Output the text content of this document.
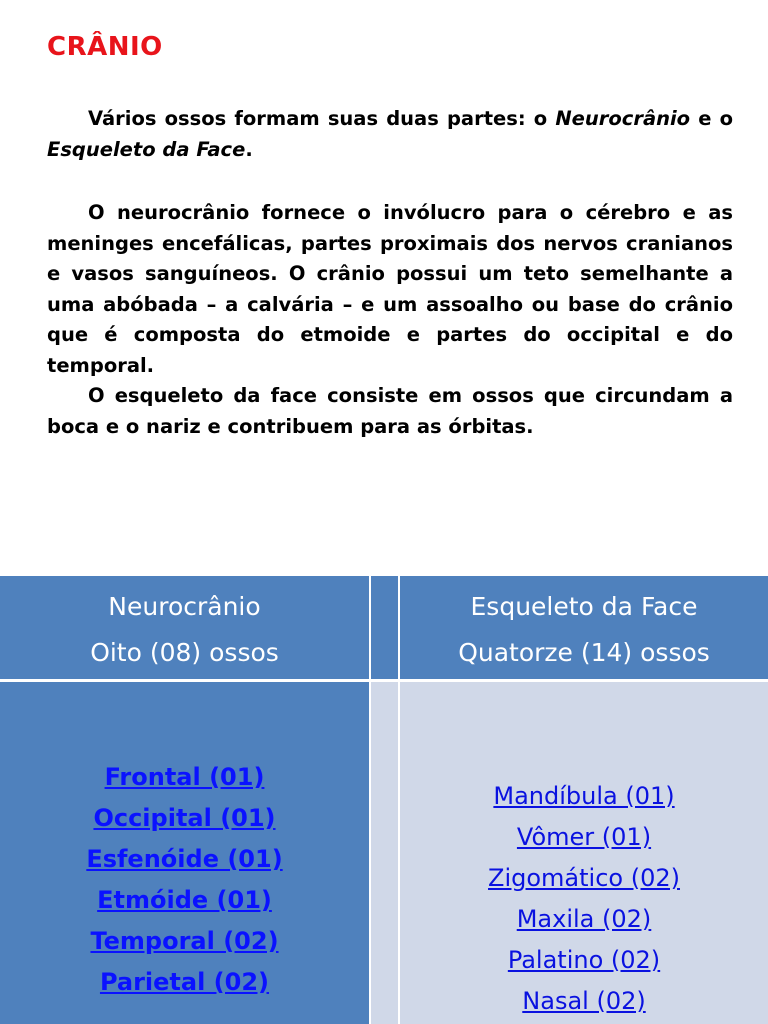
CRÂNIO
Vários ossos formam suas duas partes: o Neurocrânio e o Esqueleto da Face.
O neurocrânio fornece o invólucro para o cérebro e as meninges encefálicas, partes proximais dos nervos cranianos e vasos sanguíneos. O crânio possui um teto semelhante a uma abóbada – a calvária – e um assoalho ou base do crânio que é composta do etmoide e partes do occipital e do temporal.
O esqueleto da face consiste em ossos que circundam a boca e o nariz e contribuem para as órbitas.
Neurocrânio
Oito (08) ossos
Esqueleto da Face
Quatorze (14) ossos
Frontal (01)
Occipital (01)
Esfenóide (01)
Etmóide (01)
Temporal (02)
Parietal (02)
Mandíbula (01)
Vômer (01)
Zigomático (02)
Maxila (02)
Palatino (02)
Nasal (02)
